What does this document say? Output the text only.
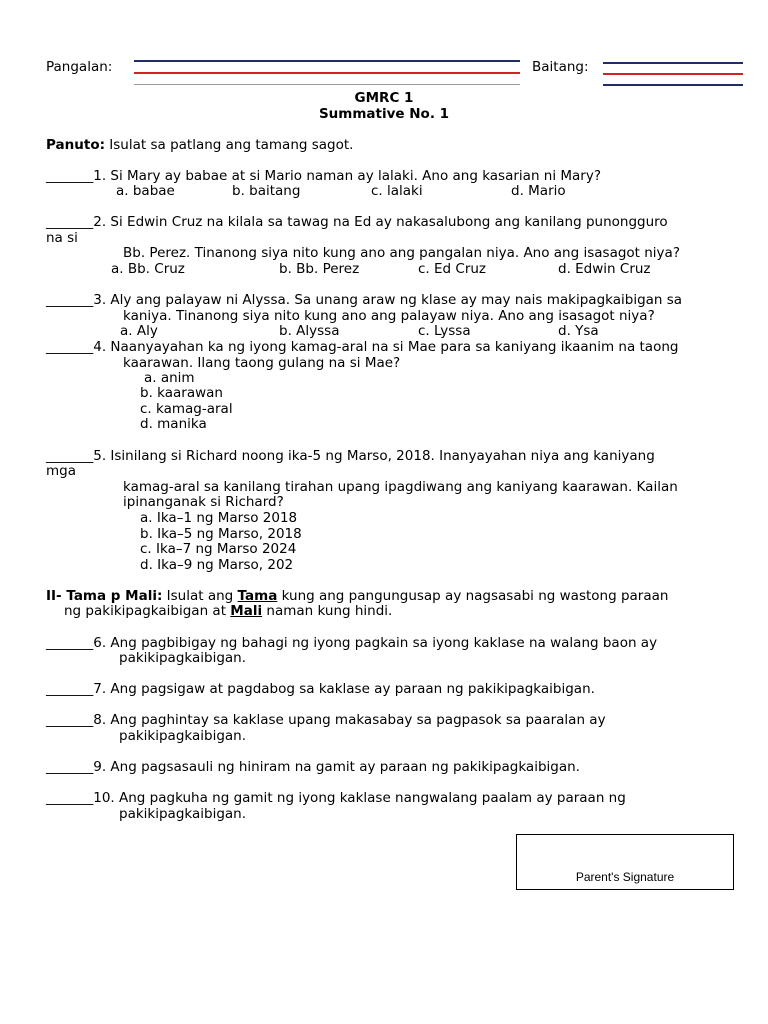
Pangalan:	Baitang:
GMRC 1
Summative No. 1
Panuto: Isulat sa patlang ang tamang sagot.
_______1. Si Mary ay babae at si Mario naman ay lalaki. Ano ang kasarian ni Mary?
a. babae	b. baitang	c. lalaki	d. Mario
_______2. Si Edwin Cruz na kilala sa tawag na Ed ay nakasalubong ang kanilang punongguro
na si
Bb. Perez. Tinanong siya nito kung ano ang pangalan niya. Ano ang isasagot niya?
a. Bb. Cruz	b. Bb. Perez	c. Ed Cruz	d. Edwin Cruz
_______3. Aly ang palayaw ni Alyssa. Sa unang araw ng klase ay may nais makipagkaibigan sa
kaniya. Tinanong siya nito kung ano ang palayaw niya. Ano ang isasagot niya?
a. Aly	b. Alyssa	c. Lyssa	d. Ysa
_______4. Naanyayahan ka ng iyong kamag-aral na si Mae para sa kaniyang ikaanim na taong
kaarawan. Ilang taong gulang na si Mae?
a. anim
b. kaarawan
c. kamag-aral
d. manika
_______5. Isinilang si Richard noong ika-5 ng Marso, 2018. Inanyayahan niya ang kaniyang
mga
kamag-aral sa kanilang tirahan upang ipagdiwang ang kaniyang kaarawan. Kailan
ipinanganak si Richard?
a. Ika–1 ng Marso 2018
b. Ika–5 ng Marso, 2018
c. Ika–7 ng Marso 2024
d. Ika–9 ng Marso, 202
II- Tama p Mali: Isulat ang Tama kung ang pangungusap ay nagsasabi ng wastong paraan
ng pakikipagkaibigan at Mali naman kung hindi.
_______6. Ang pagbibigay ng bahagi ng iyong pagkain sa iyong kaklase na walang baon ay
pakikipagkaibigan.
_______7. Ang pagsigaw at pagdabog sa kaklase ay paraan ng pakikipagkaibigan.
_______8. Ang paghintay sa kaklase upang makasabay sa pagpasok sa paaralan ay
pakikipagkaibigan.
_______9. Ang pagsasauli ng hiniram na gamit ay paraan ng pakikipagkaibigan.
_______10. Ang pagkuha ng gamit ng iyong kaklase nangwalang paalam ay paraan ng
pakikipagkaibigan.
Parent's Signature
